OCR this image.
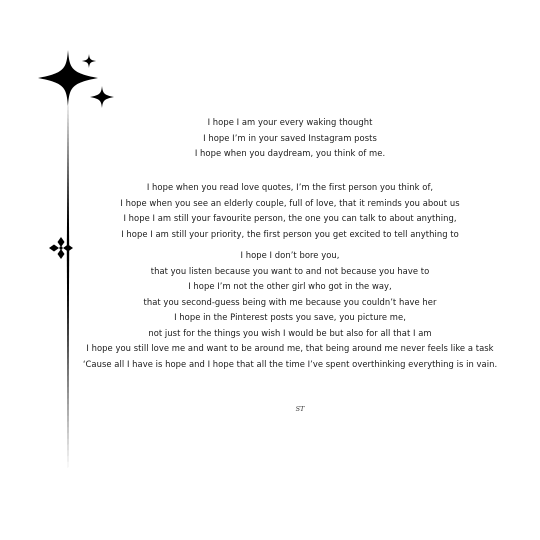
I hope I am your every waking thought
I hope I’m in your saved Instagram posts
I hope when you daydream, you think of me.
I hope when you read love quotes, I’m the first person you think of,
I hope when you see an elderly couple, full of love, that it reminds you about us
I hope I am still your favourite person, the one you can talk to about anything,
I hope I am still your priority, the first person you get excited to tell anything to
I hope I don’t bore you,
that you listen because you want to and not because you have to
I hope I’m not the other girl who got in the way,
that you second-guess being with me because you couldn’t have her
I hope in the Pinterest posts you save, you picture me,
not just for the things you wish I would be but also for all that I am
I hope you still love me and want to be around me, that being around me never feels like a task
‘Cause all I have is hope and I hope that all the time I’ve spent overthinking everything is in vain.
ST
